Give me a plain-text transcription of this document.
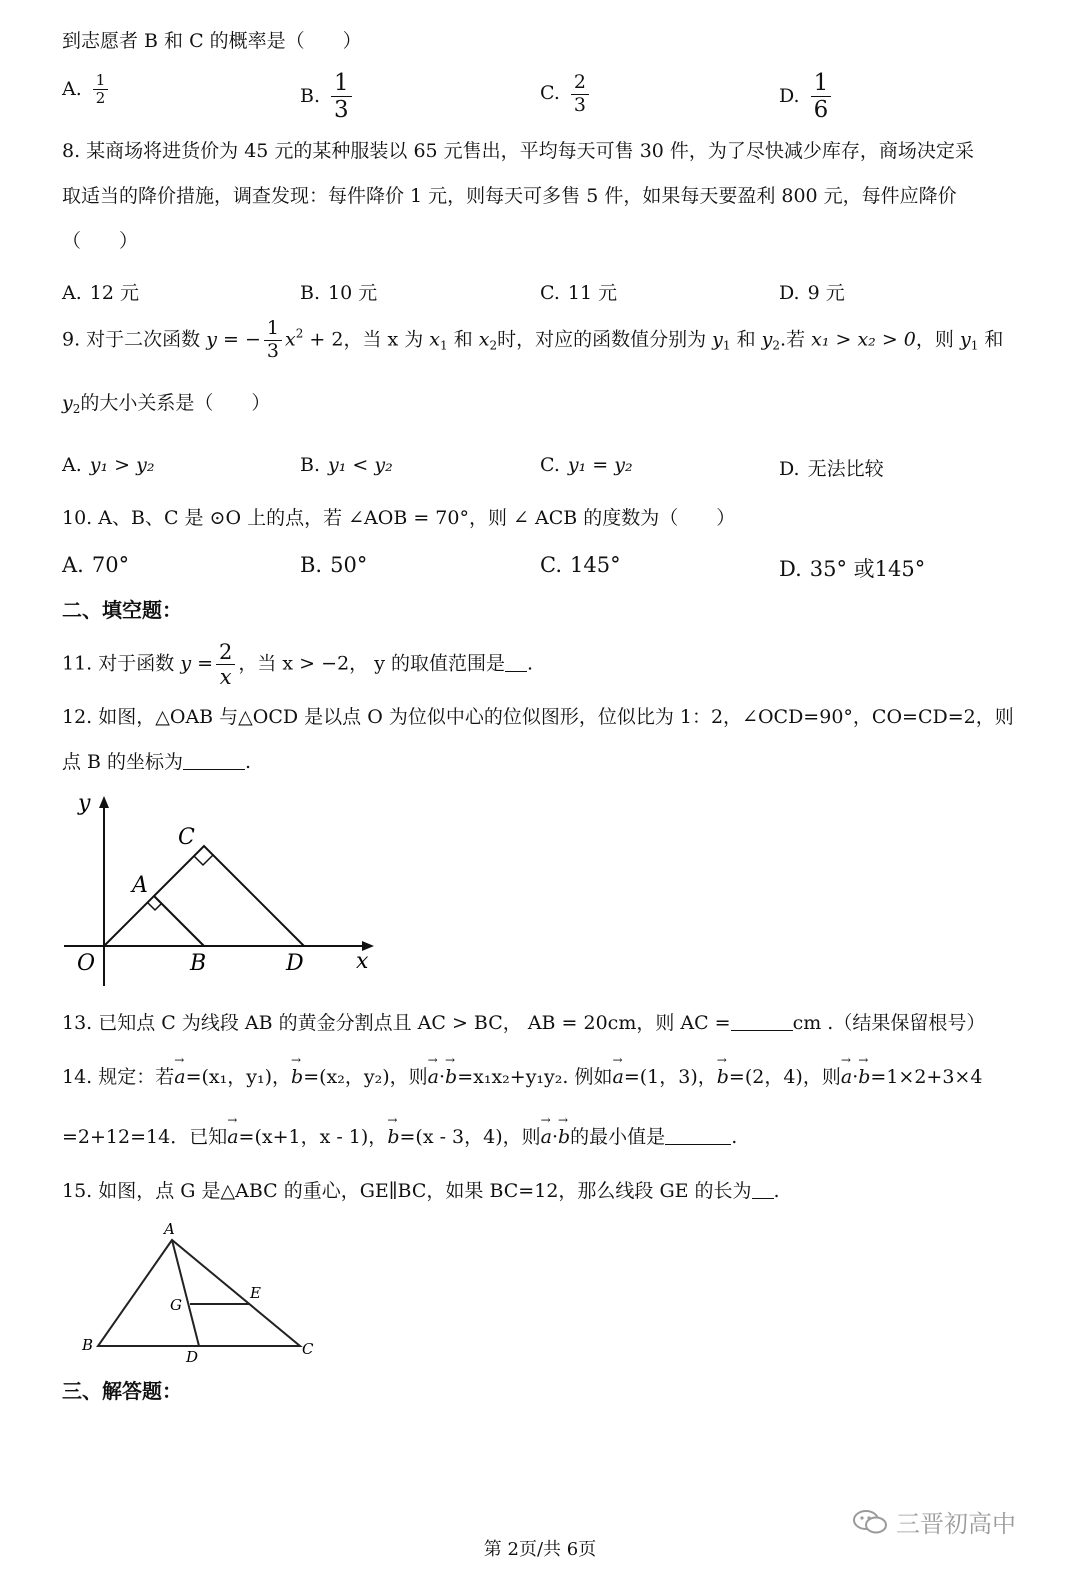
到志愿者 B 和 C 的概率是（　　）
A. $\frac{1}{2}$	B. $\frac{1}{3}$	C. $\frac{2}{3}$	D. $\frac{1}{6}$
8. 某商场将进货价为 45 元的某种服装以 65 元售出，平均每天可售 30 件，为了尽快减少库存，商场决定采
取适当的降价措施，调查发现：每件降价 1 元，则每天可多售 5 件，如果每天要盈利 800 元，每件应降价
（　　）
A. 12 元	B. 10 元	C. 11 元	D. 9 元
9. 对于二次函数 y = − $\frac{1}{3} x^2 + 2$，当 x 为 $x_1$ 和 $x_2$时，对应的函数值分别为 $y_1$ 和 $y_2$.若 x₁ > x₂ > 0，则 $y_1$ 和
$y_2$的大小关系是（　　）
A. y₁ > y₂	B. y₁ < y₂	C. y₁ = y₂	D. 无法比较
10. A、B、C 是 ⊙O 上的点，若 ∠AOB = 70°，则 ∠ ACB 的度数为（　　）
A. 70°	B. 50°	C. 145°	D. 35° 或145°
二、填空题：
11. 对于函数 $y = \frac{2}{x}$ ，当 x > −2， y 的取值范围是 .
12. 如图，△OAB 与△OCD 是以点 O 为位似中心的位似图形，位似比为 1：2，∠OCD=90°，CO=CD=2，则
点 B 的坐标为	.
y
x
O
A
B
C
D
13. 已知点 C 为线段 AB 的黄金分割点且 AC > BC， AB = 20cm，则 AC =	cm .（结果保留根号）
14. 规定：若→ a=(x₁，y₁)，→ b=(x₂，y₂)，则→ a·→ b=x₁x₂+y₁y₂. 例如→ a=(1，3)，→ b=(2，4)，则→ a·→ b=1×2+3×4
=2+12=14．已知→ a=(x+1，x - 1)，→ b=(x - 3，4)，则→ a·→ b的最小值是	.
15. 如图，点 G 是△ABC 的重心，GE∥BC，如果 BC=12，那么线段 GE 的长为 .
A
B	C
D
E
G
三、解答题：
三晋初高中
第 2页/共 6页
